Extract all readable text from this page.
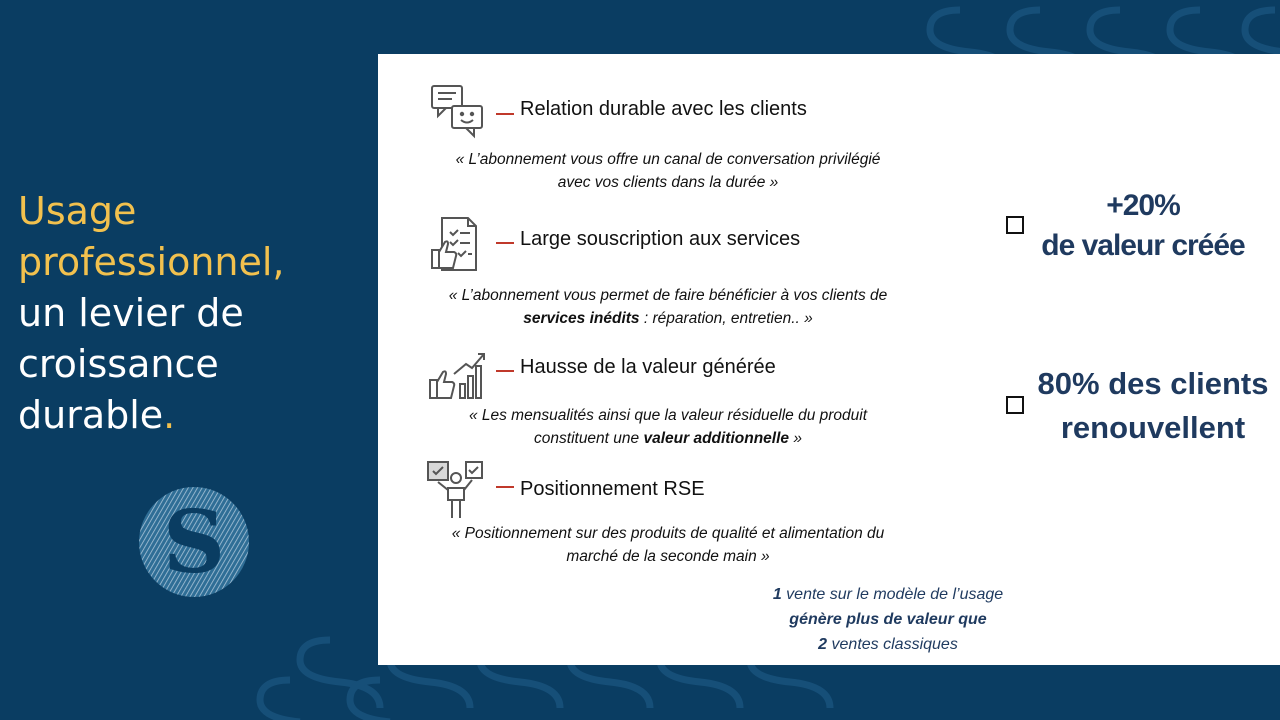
Usage
professionnel,
un levier de
croissance
durable.
S
Relation durable avec les clients
« L’abonnement vous offre un canal de conversation privilégié
avec vos clients dans la durée »
Large souscription aux services
« L’abonnement vous permet de faire bénéficier à vos clients de
services inédits : réparation, entretien.. »
Hausse de la valeur générée
« Les mensualités ainsi que la valeur résiduelle du produit
constituent une valeur additionnelle »
Positionnement RSE
« Positionnement sur des produits de qualité et alimentation du
marché de la seconde main »
+20%
de valeur créée
80% des clients
renouvellent
1 vente sur le modèle de l’usage
génère plus de valeur que
2 ventes classiques
